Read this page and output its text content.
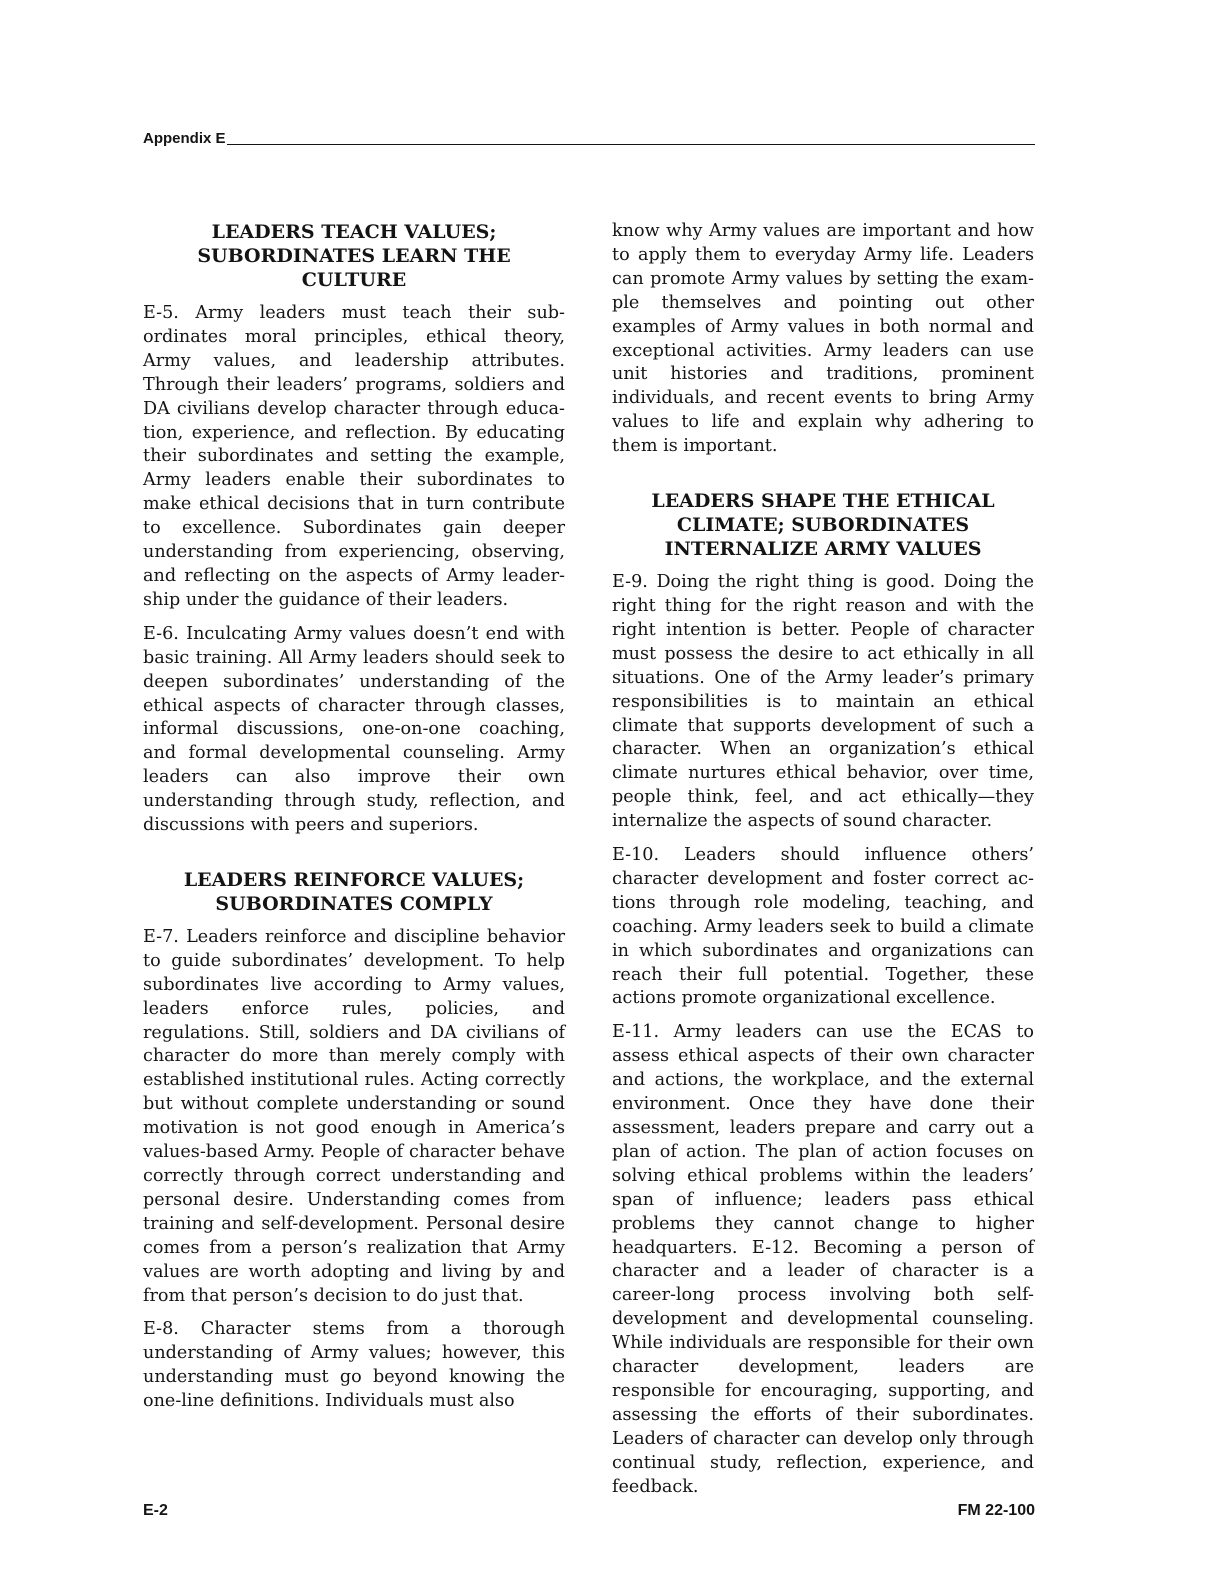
Appendix E
LEADERS TEACH VALUES;
SUBORDINATES LEARN THE
CULTURE

E-5. Army leaders must teach their subordinates moral principles, ethical theory, Army values, and leadership attributes. Through their leaders’ programs, soldiers and DA civilians develop character through education, experience, and reflection. By educating their subordinates and setting the example, Army leaders enable their subordinates to make ethical decisions that in turn contribute to excellence. Subordinates gain deeper understanding from experiencing, observing, and reflecting on the aspects of Army leadership under the guidance of their leaders.

E-6. Inculcating Army values doesn’t end with basic training. All Army leaders should seek to deepen subordinates’ understanding of the ethical aspects of character through classes, informal discussions, one-on-one coaching, and formal developmental counseling. Army leaders can also improve their own understanding through study, reflection, and discussions with peers and superiors.

LEADERS REINFORCE VALUES;
SUBORDINATES COMPLY

E-7. Leaders reinforce and discipline behavior to guide subordinates’ development. To help subordinates live according to Army values, leaders enforce rules, policies, and regulations. Still, soldiers and DA civilians of character do more than merely comply with established institutional rules. Acting correctly but without complete understanding or sound motivation is not good enough in America’s values-based Army. People of character behave correctly through correct understanding and personal desire. Understanding comes from training and self-development. Personal desire comes from a person’s realization that Army values are worth adopting and living by and from that person’s decision to do just that.

E-8. Character stems from a thorough understanding of Army values; however, this understanding must go beyond knowing the one-line definitions. Individuals must also

know why Army values are important and how to apply them to everyday Army life. Leaders can promote Army values by setting the example themselves and pointing out other examples of Army values in both normal and exceptional activities. Army leaders can use unit histories and traditions, prominent individuals, and recent events to bring Army values to life and explain why adhering to them is important.

LEADERS SHAPE THE ETHICAL
CLIMATE; SUBORDINATES
INTERNALIZE ARMY VALUES

E-9. Doing the right thing is good. Doing the right thing for the right reason and with the right intention is better. People of character must possess the desire to act ethically in all situations. One of the Army leader’s primary responsibilities is to maintain an ethical climate that supports development of such a character. When an organization’s ethical climate nurtures ethical behavior, over time, people think, feel, and act ethically—they internalize the aspects of sound character.

E-10. Leaders should influence others’ character development and foster correct actions through role modeling, teaching, and coaching. Army leaders seek to build a climate in which subordinates and organizations can reach their full potential. Together, these actions promote organizational excellence.

E-11. Army leaders can use the ECAS to assess ethical aspects of their own character and actions, the workplace, and the external environment. Once they have done their assessment, leaders prepare and carry out a plan of action. The plan of action focuses on solving ethical problems within the leaders’ span of influence; leaders pass ethical problems they cannot change to higher headquarters. E-12. Becoming a person of character and a leader of character is a career-long process involving both self-development and developmental counseling. While individuals are responsible for their own character development, leaders are responsible for encouraging, supporting, and assessing the efforts of their subordinates. Leaders of character can develop only through continual study, reflection, experience, and feedback.

E-2	FM 22-100
